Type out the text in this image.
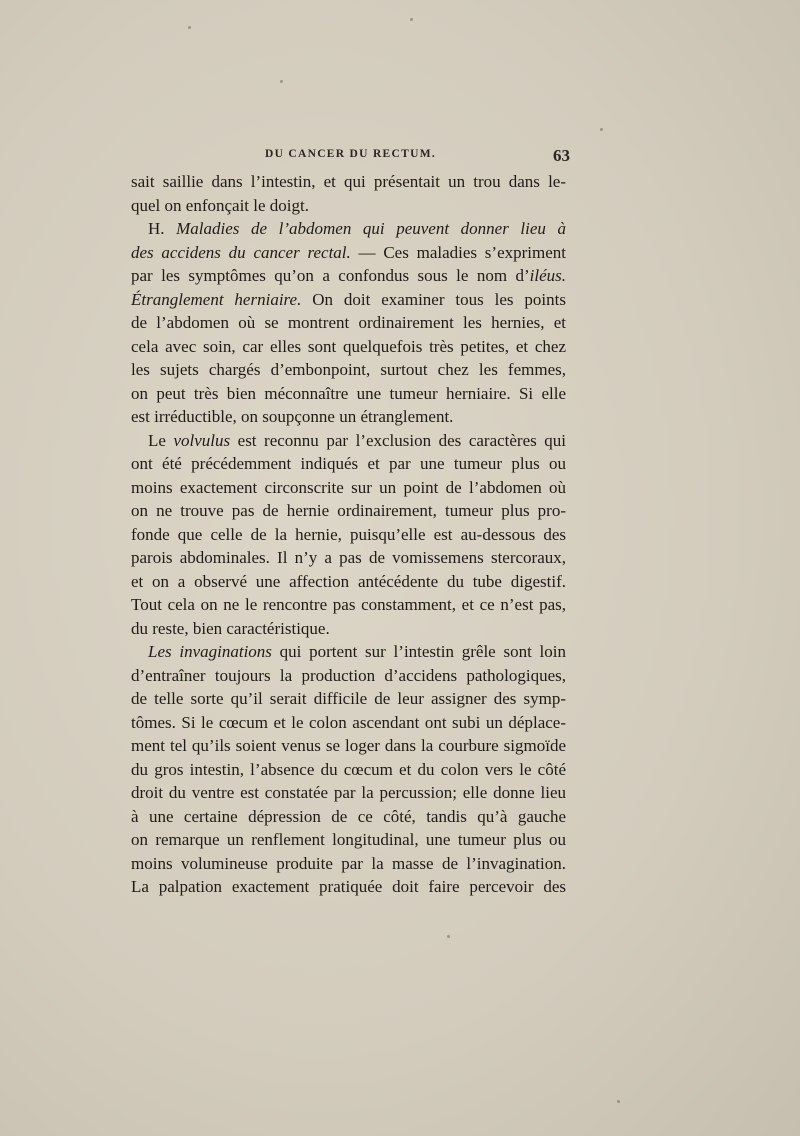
DU CANCER DU RECTUM.	63
sait saillie dans l’intestin, et qui présentait un trou dans le-
quel on enfonçait le doigt.
H. Maladies de l’abdomen qui peuvent donner lieu à
des accidens du cancer rectal. — Ces maladies s’expriment
par les symptômes qu’on a confondus sous le nom d’iléus.
Étranglement herniaire. On doit examiner tous les points
de l’abdomen où se montrent ordinairement les hernies, et
cela avec soin, car elles sont quelquefois très petites, et chez
les sujets chargés d’embonpoint, surtout chez les femmes,
on peut très bien méconnaître une tumeur herniaire. Si elle
est irréductible, on soupçonne un étranglement.
Le volvulus est reconnu par l’exclusion des caractères qui
ont été précédemment indiqués et par une tumeur plus ou
moins exactement circonscrite sur un point de l’abdomen où
on ne trouve pas de hernie ordinairement, tumeur plus pro-
fonde que celle de la hernie, puisqu’elle est au-dessous des
parois abdominales. Il n’y a pas de vomissemens stercoraux,
et on a observé une affection antécédente du tube digestif.
Tout cela on ne le rencontre pas constamment, et ce n’est pas,
du reste, bien caractéristique.
Les invaginations qui portent sur l’intestin grêle sont loin
d’entraîner toujours la production d’accidens pathologiques,
de telle sorte qu’il serait difficile de leur assigner des symp-
tômes. Si le cœcum et le colon ascendant ont subi un déplace-
ment tel qu’ils soient venus se loger dans la courbure sigmoïde
du gros intestin, l’absence du cœcum et du colon vers le côté
droit du ventre est constatée par la percussion; elle donne lieu
à une certaine dépression de ce côté, tandis qu’à gauche
on remarque un renflement longitudinal, une tumeur plus ou
moins volumineuse produite par la masse de l’invagination.
La palpation exactement pratiquée doit faire percevoir des
